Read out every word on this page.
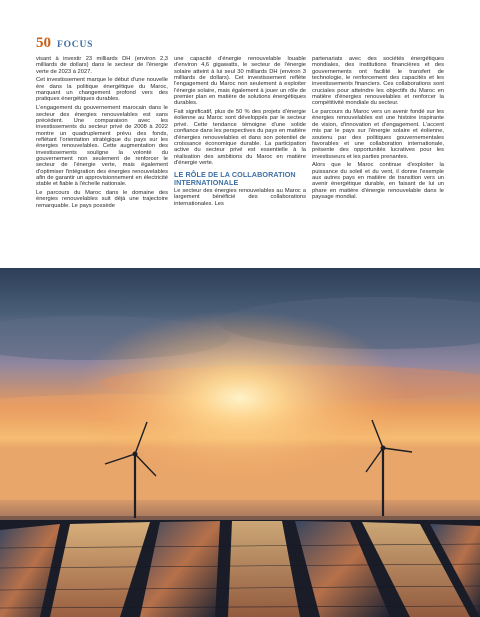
50 FOCUS

visant à investir 23 milliards DH (environ 2,3 milliards de dollars) dans le secteur de l'énergie verte de 2023 à 2027.

Cet investissement marque le début d'une nouvelle ère dans la politique énergétique du Maroc, marquant un changement profond vers des pratiques énergétiques durables.

L'engagement du gouvernement marocain dans le secteur des énergies renouvelables est sans précédent. Une comparaison avec les investissements du secteur privé de 2008 à 2022 montre un quadruplement prévu des fonds, reflétant l'orientation stratégique du pays sur les énergies renouvelables. Cette augmentation des investissements souligne la volonté du gouvernement non seulement de renforcer le secteur de l'énergie verte, mais également d'optimiser l'intégration des énergies renouvelables afin de garantir un approvisionnement en électricité stable et fiable à l'échelle nationale.

Le parcours du Maroc dans le domaine des énergies renouvelables suit déjà une trajectoire remarquable. Le pays possède

une capacité d'énergie renouvelable louable d'environ 4,6 gigawatts, le secteur de l'énergie solaire atteint à lui seul 30 milliards DH (environ 3 milliards de dollars). Cet investissement reflète l'engagement du Maroc non seulement à exploiter l'énergie solaire, mais également à jouer un rôle de premier plan en matière de solutions énergétiques durables.

Fait significatif, plus de 50 % des projets d'énergie éolienne au Maroc sont développés par le secteur privé. Cette tendance témoigne d'une solide confiance dans les perspectives du pays en matière d'énergies renouvelables et dans son potentiel de croissance économique durable. La participation active du secteur privé est essentielle à la réalisation des ambitions du Maroc en matière d'énergie verte.

LE RÔLE DE LA COLLABORATION INTERNATIONALE

Le secteur des énergies renouvelables au Maroc a largement bénéficié des collaborations internationales. Les

partenariats avec des sociétés énergétiques mondiales, des institutions financières et des gouvernements ont facilité le transfert de technologie, le renforcement des capacités et les investissements financiers. Ces collaborations sont cruciales pour atteindre les objectifs du Maroc en matière d'énergies renouvelables et renforcer la compétitivité mondiale du secteur.

Le parcours du Maroc vers un avenir fondé sur les énergies renouvelables est une histoire inspirante de vision, d'innovation et d'engagement. L'accent mis par le pays sur l'énergie solaire et éolienne, soutenu par des politiques gouvernementales favorables et une collaboration internationale, présente des opportunités lucratives pour les investisseurs et les parties prenantes.

Alors que le Maroc continue d'exploiter la puissance du soleil et du vent, il donne l'exemple aux autres pays en matière de transition vers un avenir énergétique durable, en faisant de lui un phare en matière d'énergie renouvelable dans le paysage mondial.
